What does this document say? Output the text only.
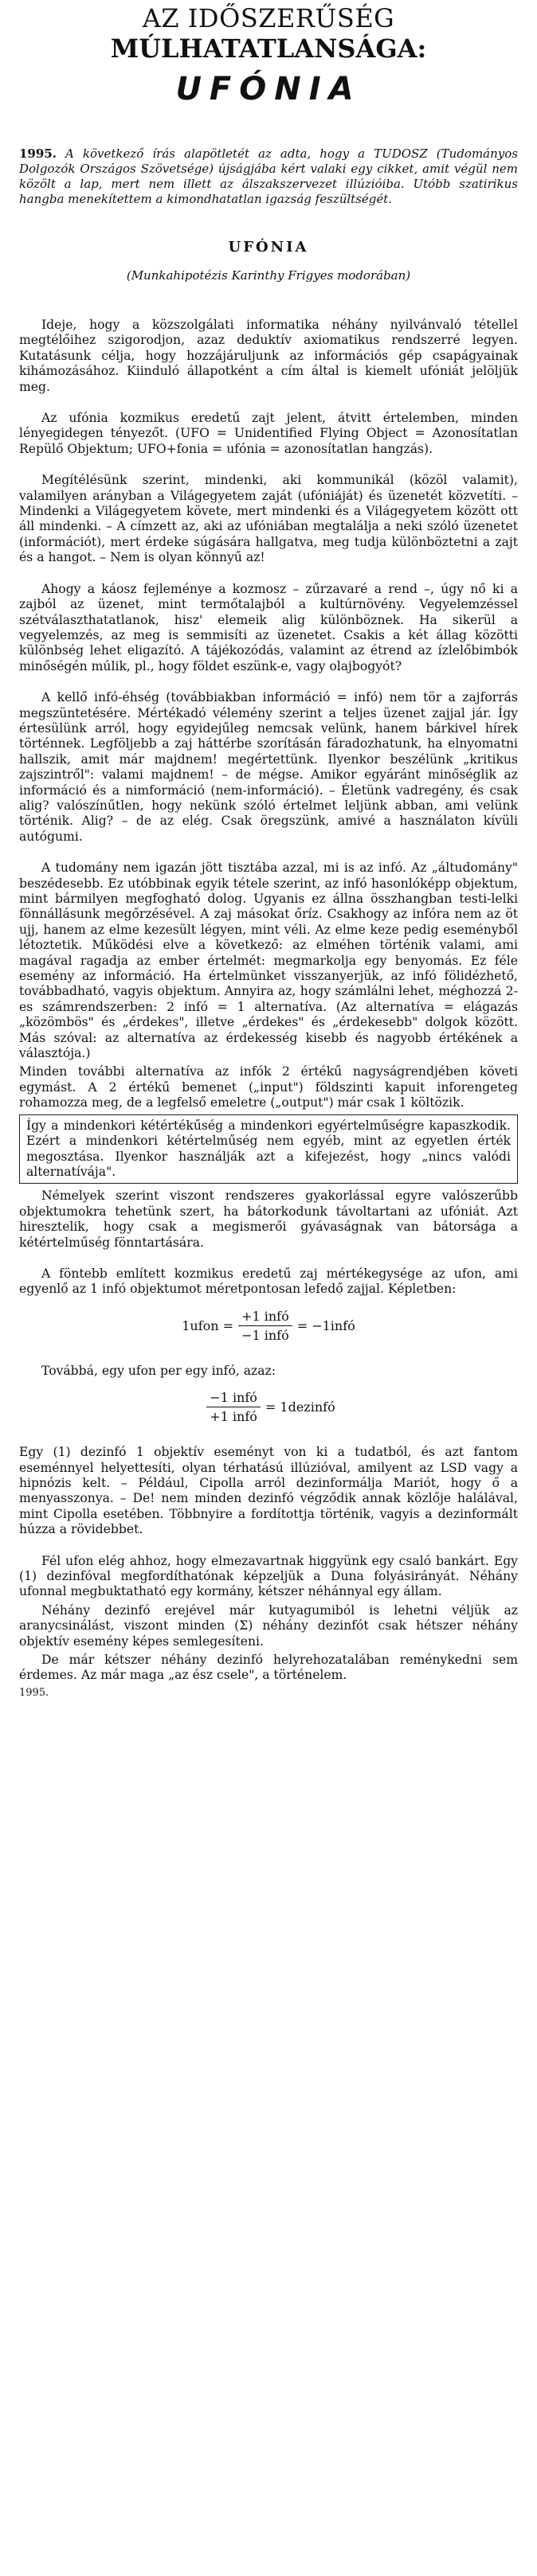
AZ IDŐSZERŰSÉG
MÚLHATATLANSÁGA:
UFÓNIA

1995. A következő írás alapötletét az adta, hogy a TUDOSZ (Tudományos Dolgozók Országos Szövetsége) újságjába kért valaki egy cikket, amit végül nem közölt a lap, mert nem illett az álszakszervezet illúzióiba. Utóbb szatirikus hangba menekítettem a kimondhatatlan igazság feszültségét.

UFÓNIA
(Munkahipotézis Karinthy Frigyes modorában)

Ideje, hogy a közszolgálati informatika néhány nyilvánvaló tétellel megtélőihez szigorodjon, azaz deduktív axiomatikus rendszerré legyen. Kutatásunk célja, hogy hozzájáruljunk az információs gép csapágyainak kihámozásához. Kiinduló állapotként a cím által is kiemelt ufóniát jelöljük meg.

Az ufónia kozmikus eredetű zajt jelent, átvitt értelemben, minden lényegidegen tényezőt. (UFO = Unidentified Flying Object = Azonosítatlan Repülő Objektum; UFO+fonia = ufónia = azonosítatlan hangzás).

Megítélésünk szerint, mindenki, aki kommunikál (közöl valamit), valamilyen arányban a Világegyetem zaját (ufóniáját) és üzenetét közvetíti. – Mindenki a Világegyetem követe, mert mindenki és a Világegyetem között ott áll mindenki. – A címzett az, aki az ufóniában megtalálja a neki szóló üzenetet (információt), mert érdeke súgására hallgatva, meg tudja különböztetni a zajt és a hangot. – Nem is olyan könnyű az!

Ahogy a káosz fejleménye a kozmosz – zűrzavaré a rend –, úgy nő ki a zajból az üzenet, mint termőtalajból a kultúrnövény. Vegyelemzéssel szétválaszthatatlanok, hisz' elemeik alig különböznek. Ha sikerül a vegyelemzés, az meg is semmisíti az üzenetet. Csakis a két állag közötti különbség lehet eligazító. A tájékozódás, valamint az étrend az ízlelőbimbók minőségén múlik, pl., hogy földet eszünk-e, vagy olajbogyót?

A kellő infó-éhség (továbbiakban információ = infó) nem tör a zajforrás megszüntetésére. Mértékadó vélemény szerint a teljes üzenet zajjal jár. Így értesülünk arról, hogy egyidejűleg nemcsak velünk, hanem bárkivel hírek történnek. Legföljebb a zaj háttérbe szorításán fáradozhatunk, ha elnyomatni hallszik, amit már majdnem! megértettünk. Ilyenkor beszélünk „kritikus zajszintről": valami majdnem! – de mégse. Amikor egyáránt minőséglik az információ és a nimformáció (nem-információ). – Életünk vadregény, és csak alig? valószínűtlen, hogy nekünk szóló értelmet leljünk abban, ami velünk történik. Alig? – de az elég. Csak öregszünk, amivé a használaton kívüli autógumi.

A tudomány nem igazán jött tisztába azzal, mi is az infó. Az „áltudomány" beszédesebb. Ez utóbbinak egyik tétele szerint, az infó hasonlóképp objektum, mint bármilyen megfogható dolog. Ugyanis ez állna összhangban testi-lelki fönnállásunk megőrzésével. A zaj másokat őríz. Csakhogy az infóra nem az öt ujj, hanem az elme kezesült légyen, mint véli. Az elme keze pedig eseményből létoztetik. Működési elve a következő: az elméhen történik valami, ami magával ragadja az ember értelmét: megmarkolja egy benyomás. Ez féle esemény az információ. Ha értelmünket visszanyerjük, az infó fölidézhető, továbbadható, vagyis objektum. Annyira az, hogy számlálni lehet, méghozzá 2-es számrendszerben: 2 infó = 1 alternatíva. (Az alternatíva = elágazás „közömbös" és „érdekes", illetve „érdekes" és „érdekesebb" dolgok között. Más szóval: az alternatíva az érdekesség kisebb és nagyobb értékének a választója.)

Minden további alternatíva az infók 2 értékű nagyságrendjében követi egymást. A 2 értékű bemenet („input") földszinti kapuit inforengeteg rohamozza meg, de a legfelső emeletre („output") már csak 1 költözik.

Így a mindenkori kétértékűség a mindenkori egyértelműségre kapaszkodik. Ezért a mindenkori kétértelműség nem egyéb, mint az egyetlen érték megosztása. Ilyenkor használják azt a kifejezést, hogy „nincs valódi alternatívája".

Némelyek szerint viszont rendszeres gyakorlással egyre valószerűbb objektumokra tehetünk szert, ha bátorkodunk távoltartani az ufóniát. Azt hiresztelik, hogy csak a megismerői gyávaságnak van bátorsága a kétértelműség fönntartására.

A föntebb említett kozmikus eredetű zaj mértékegysége az ufon, ami egyenlő az 1 infó objektumot méretpontosan lefedő zajjal. Képletben:

1ufon = $\frac{\text{+1 infó}}{\text{−1 infó}}$ = −1infó

Továbbá, egy ufon per egy infó, azaz:

$\frac{\text{−1 infó}}{\text{+1 infó}}$ = 1dezinfó

Egy (1) dezinfó 1 objektív eseményt von ki a tudatból, és azt fantom eseménnyel helyettesíti, olyan térhatású illúzióval, amilyent az LSD vagy a hipnózis kelt. – Például, Cipolla arról dezinformálja Mariót, hogy ő a menyasszonya. – De! nem minden dezinfó végződik annak közlője halálával, mint Cipolla esetében. Többnyire a fordítottja történik, vagyis a dezinformált húzza a rövidebbet.

Fél ufon elég ahhoz, hogy elmezavartnak higgyünk egy csaló bankárt. Egy (1) dezinfóval megfordíthatónak képzeljük a Duna folyásirányát. Néhány ufonnal megbuktatható egy kormány, kétszer néhánnyal egy állam.

Néhány dezinfó erejével már kutyagumiból is lehetni véljük az aranycsinálást, viszont minden (Σ) néhány dezinfót csak hétszer néhány objektív esemény képes semlegesíteni.

De már kétszer néhány dezinfó helyrehozatalában reménykedni sem érdemes. Az már maga „az ész csele", a történelem.

1995.
